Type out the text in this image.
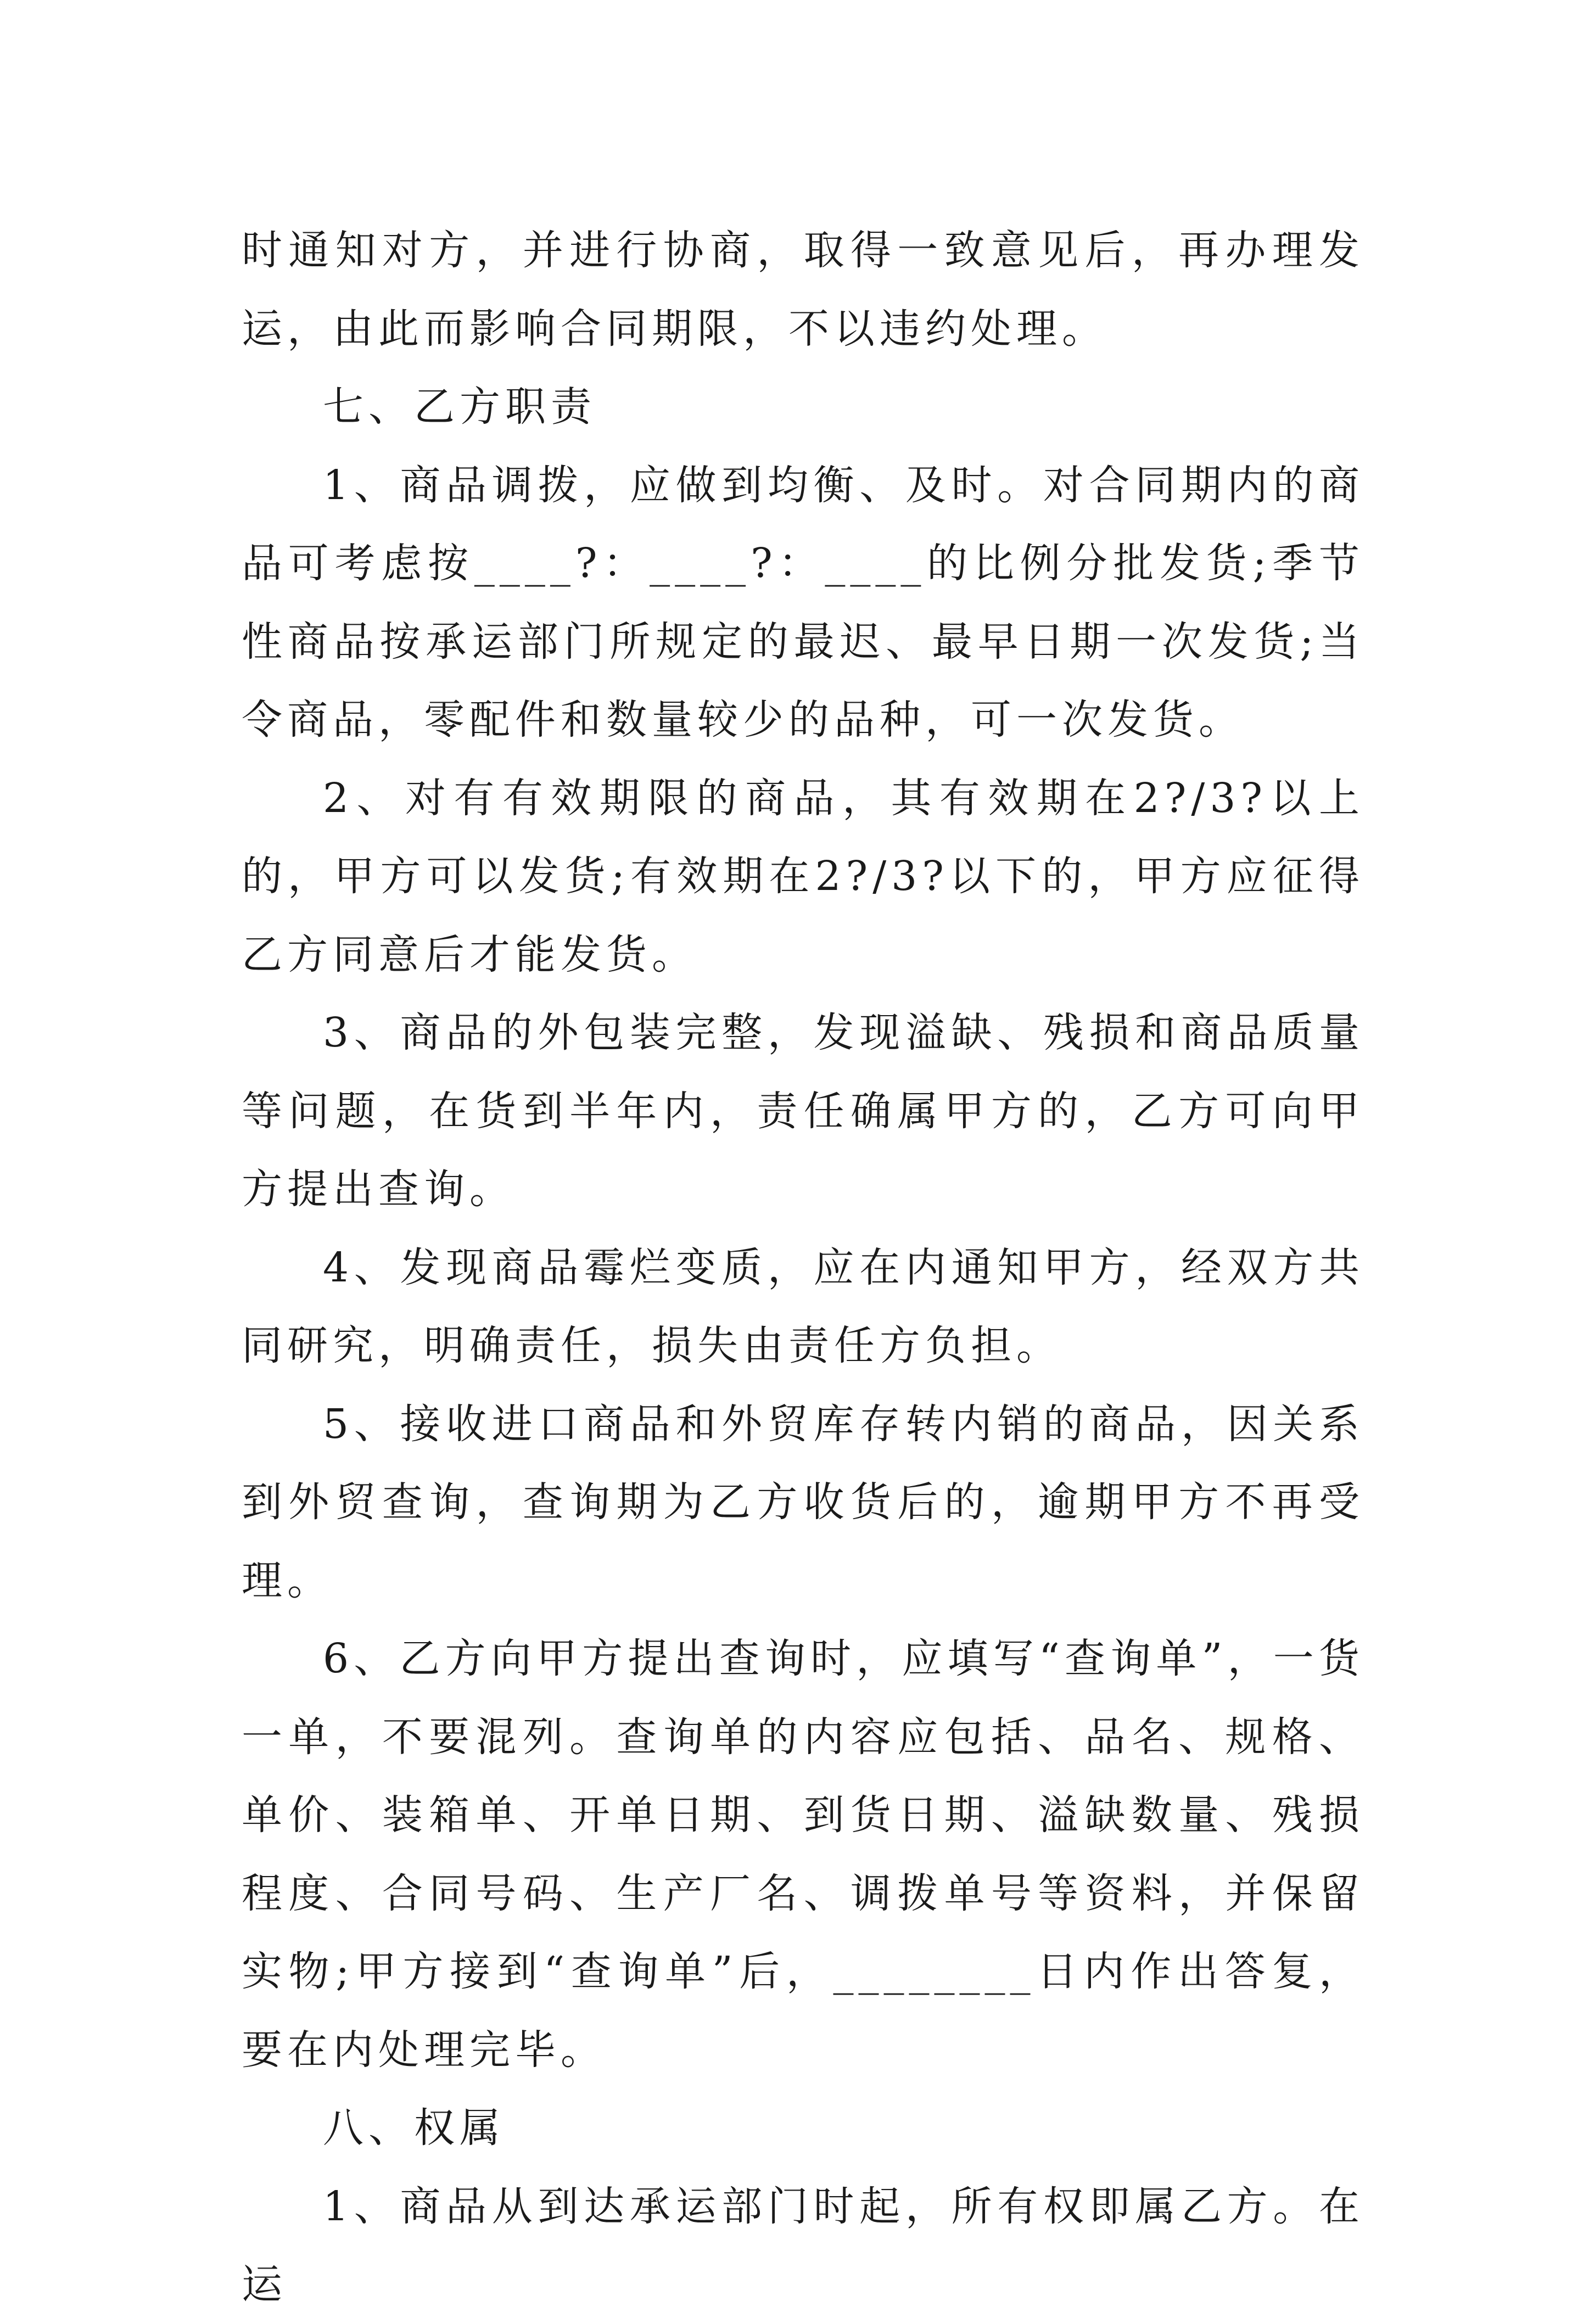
时通知对方，并进行协商，取得一致意见后，再办理发运，由此而影响合同期限，不以违约处理。

七、乙方职责

1、商品调拨，应做到均衡、及时。对合同期内的商品可考虑按____?：____?：____的比例分批发货;季节性商品按承运部门所规定的最迟、最早日期一次发货;当令商品，零配件和数量较少的品种，可一次发货。

2、对有有效期限的商品，其有效期在2?/3?以上的，甲方可以发货;有效期在2?/3?以下的，甲方应征得乙方同意后才能发货。

3、商品的外包装完整，发现溢缺、残损和商品质量等问题，在货到半年内，责任确属甲方的，乙方可向甲方提出查询。

4、发现商品霉烂变质，应在内通知甲方，经双方共同研究，明确责任，损失由责任方负担。

5、接收进口商品和外贸库存转内销的商品，因关系到外贸查询，查询期为乙方收货后的，逾期甲方不再受理。

6、乙方向甲方提出查询时，应填写“查询单”，一货一单，不要混列。查询单的内容应包括、品名、规格、单价、装箱单、开单日期、到货日期、溢缺数量、残损程度、合同号码、生产厂名、调拨单号等资料，并保留实物;甲方接到“查询单”后，________日内作出答复，要在内处理完毕。

八、权属

1、商品从到达承运部门时起，所有权即属乙方。在运
